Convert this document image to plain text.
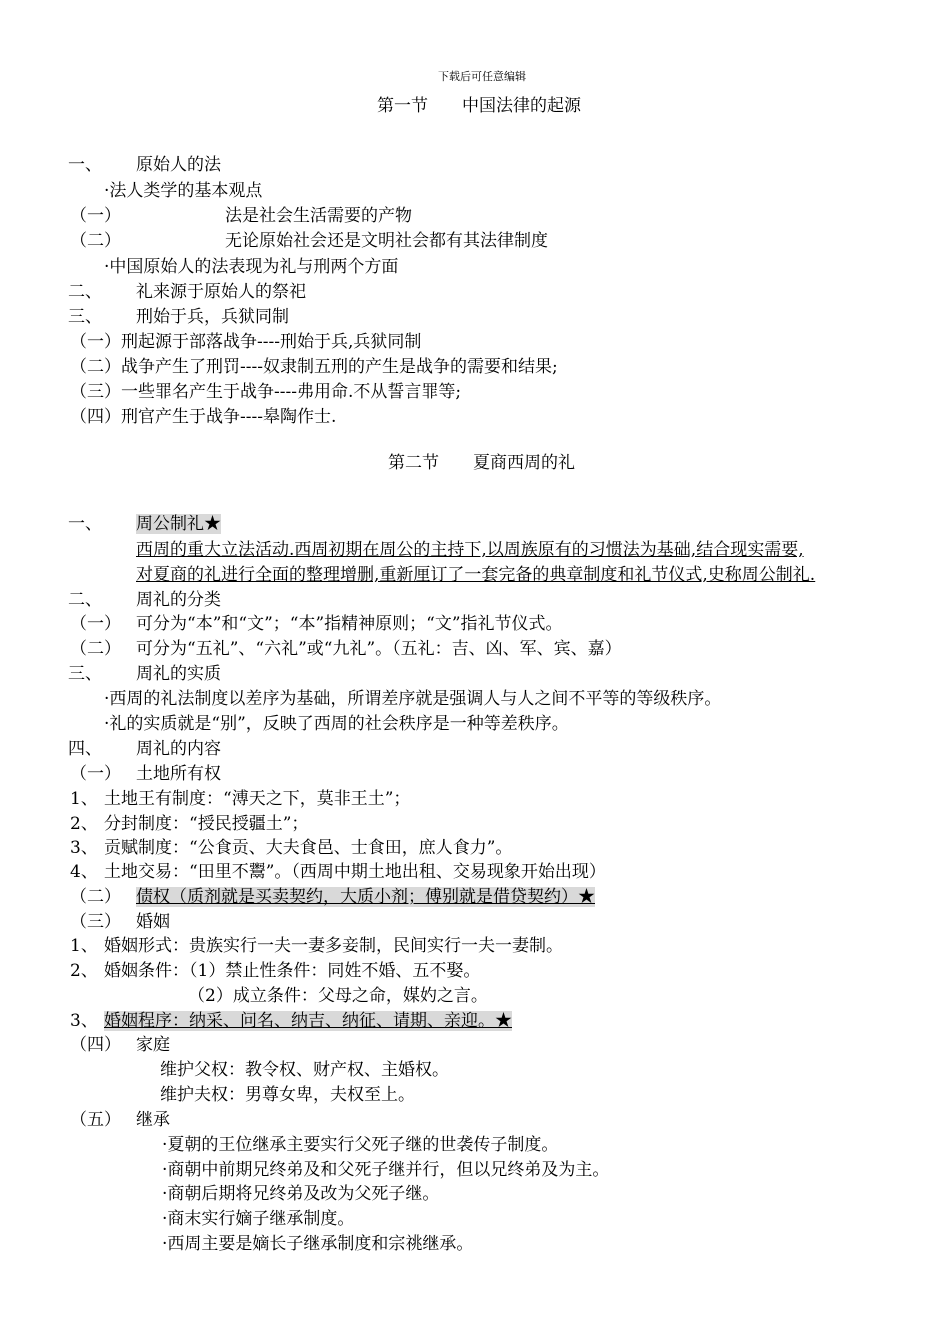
下载后可任意编辑
第一节　　中国法律的起源
一、 原始人的法
·法人类学的基本观点
（一）	法是社会生活需要的产物
（二）	无论原始社会还是文明社会都有其法律制度
·中国原始人的法表现为礼与刑两个方面
二、 礼来源于原始人的祭祀
三、 刑始于兵，兵狱同制
（一）刑起源于部落战争----刑始于兵,兵狱同制
（二）战争产生了刑罚----奴隶制五刑的产生是战争的需要和结果;
（三）一些罪名产生于战争----弗用命.不从誓言罪等;
（四）刑官产生于战争----皋陶作士.
第二节　　夏商西周的礼
一、 周公制礼★
西周的重大立法活动.西周初期在周公的主持下,以周族原有的习惯法为基础,结合现实需要,
对夏商的礼进行全面的整理增删,重新厘订了一套完备的典章制度和礼节仪式,史称周公制礼.
二、 周礼的分类
（一） 可分为“本”和“文”；“本”指精神原则；“文”指礼节仪式。
（二） 可分为“五礼”、“六礼”或“九礼”。（五礼：吉、凶、军、宾、嘉）
三、 周礼的实质
·西周的礼法制度以差序为基础，所谓差序就是强调人与人之间不平等的等级秩序。
·礼的实质就是“别”，反映了西周的社会秩序是一种等差秩序。
四、 周礼的内容
（一） 土地所有权
1、 土地王有制度：“溥天之下，莫非王土”；
2、 分封制度：“授民授疆土”；
3、 贡赋制度：“公食贡、大夫食邑、士食田，庶人食力”。
4、 土地交易：“田里不鬻”。（西周中期土地出租、交易现象开始出现）
（二） 债权（质剂就是买卖契约，大质小剂；傅别就是借贷契约）★
（三） 婚姻
1、 婚姻形式：贵族实行一夫一妻多妾制，民间实行一夫一妻制。
2、 婚姻条件：（1）禁止性条件：同姓不婚、五不娶。
（2）成立条件：父母之命，媒妁之言。
3、 婚姻程序：纳采、问名、纳吉、纳征、请期、亲迎。★
（四） 家庭
维护父权：教令权、财产权、主婚权。
维护夫权：男尊女卑，夫权至上。
（五） 继承
·夏朝的王位继承主要实行父死子继的世袭传子制度。
·商朝中前期兄终弟及和父死子继并行，但以兄终弟及为主。
·商朝后期将兄终弟及改为父死子继。
·商末实行嫡子继承制度。
·西周主要是嫡长子继承制度和宗祧继承。
